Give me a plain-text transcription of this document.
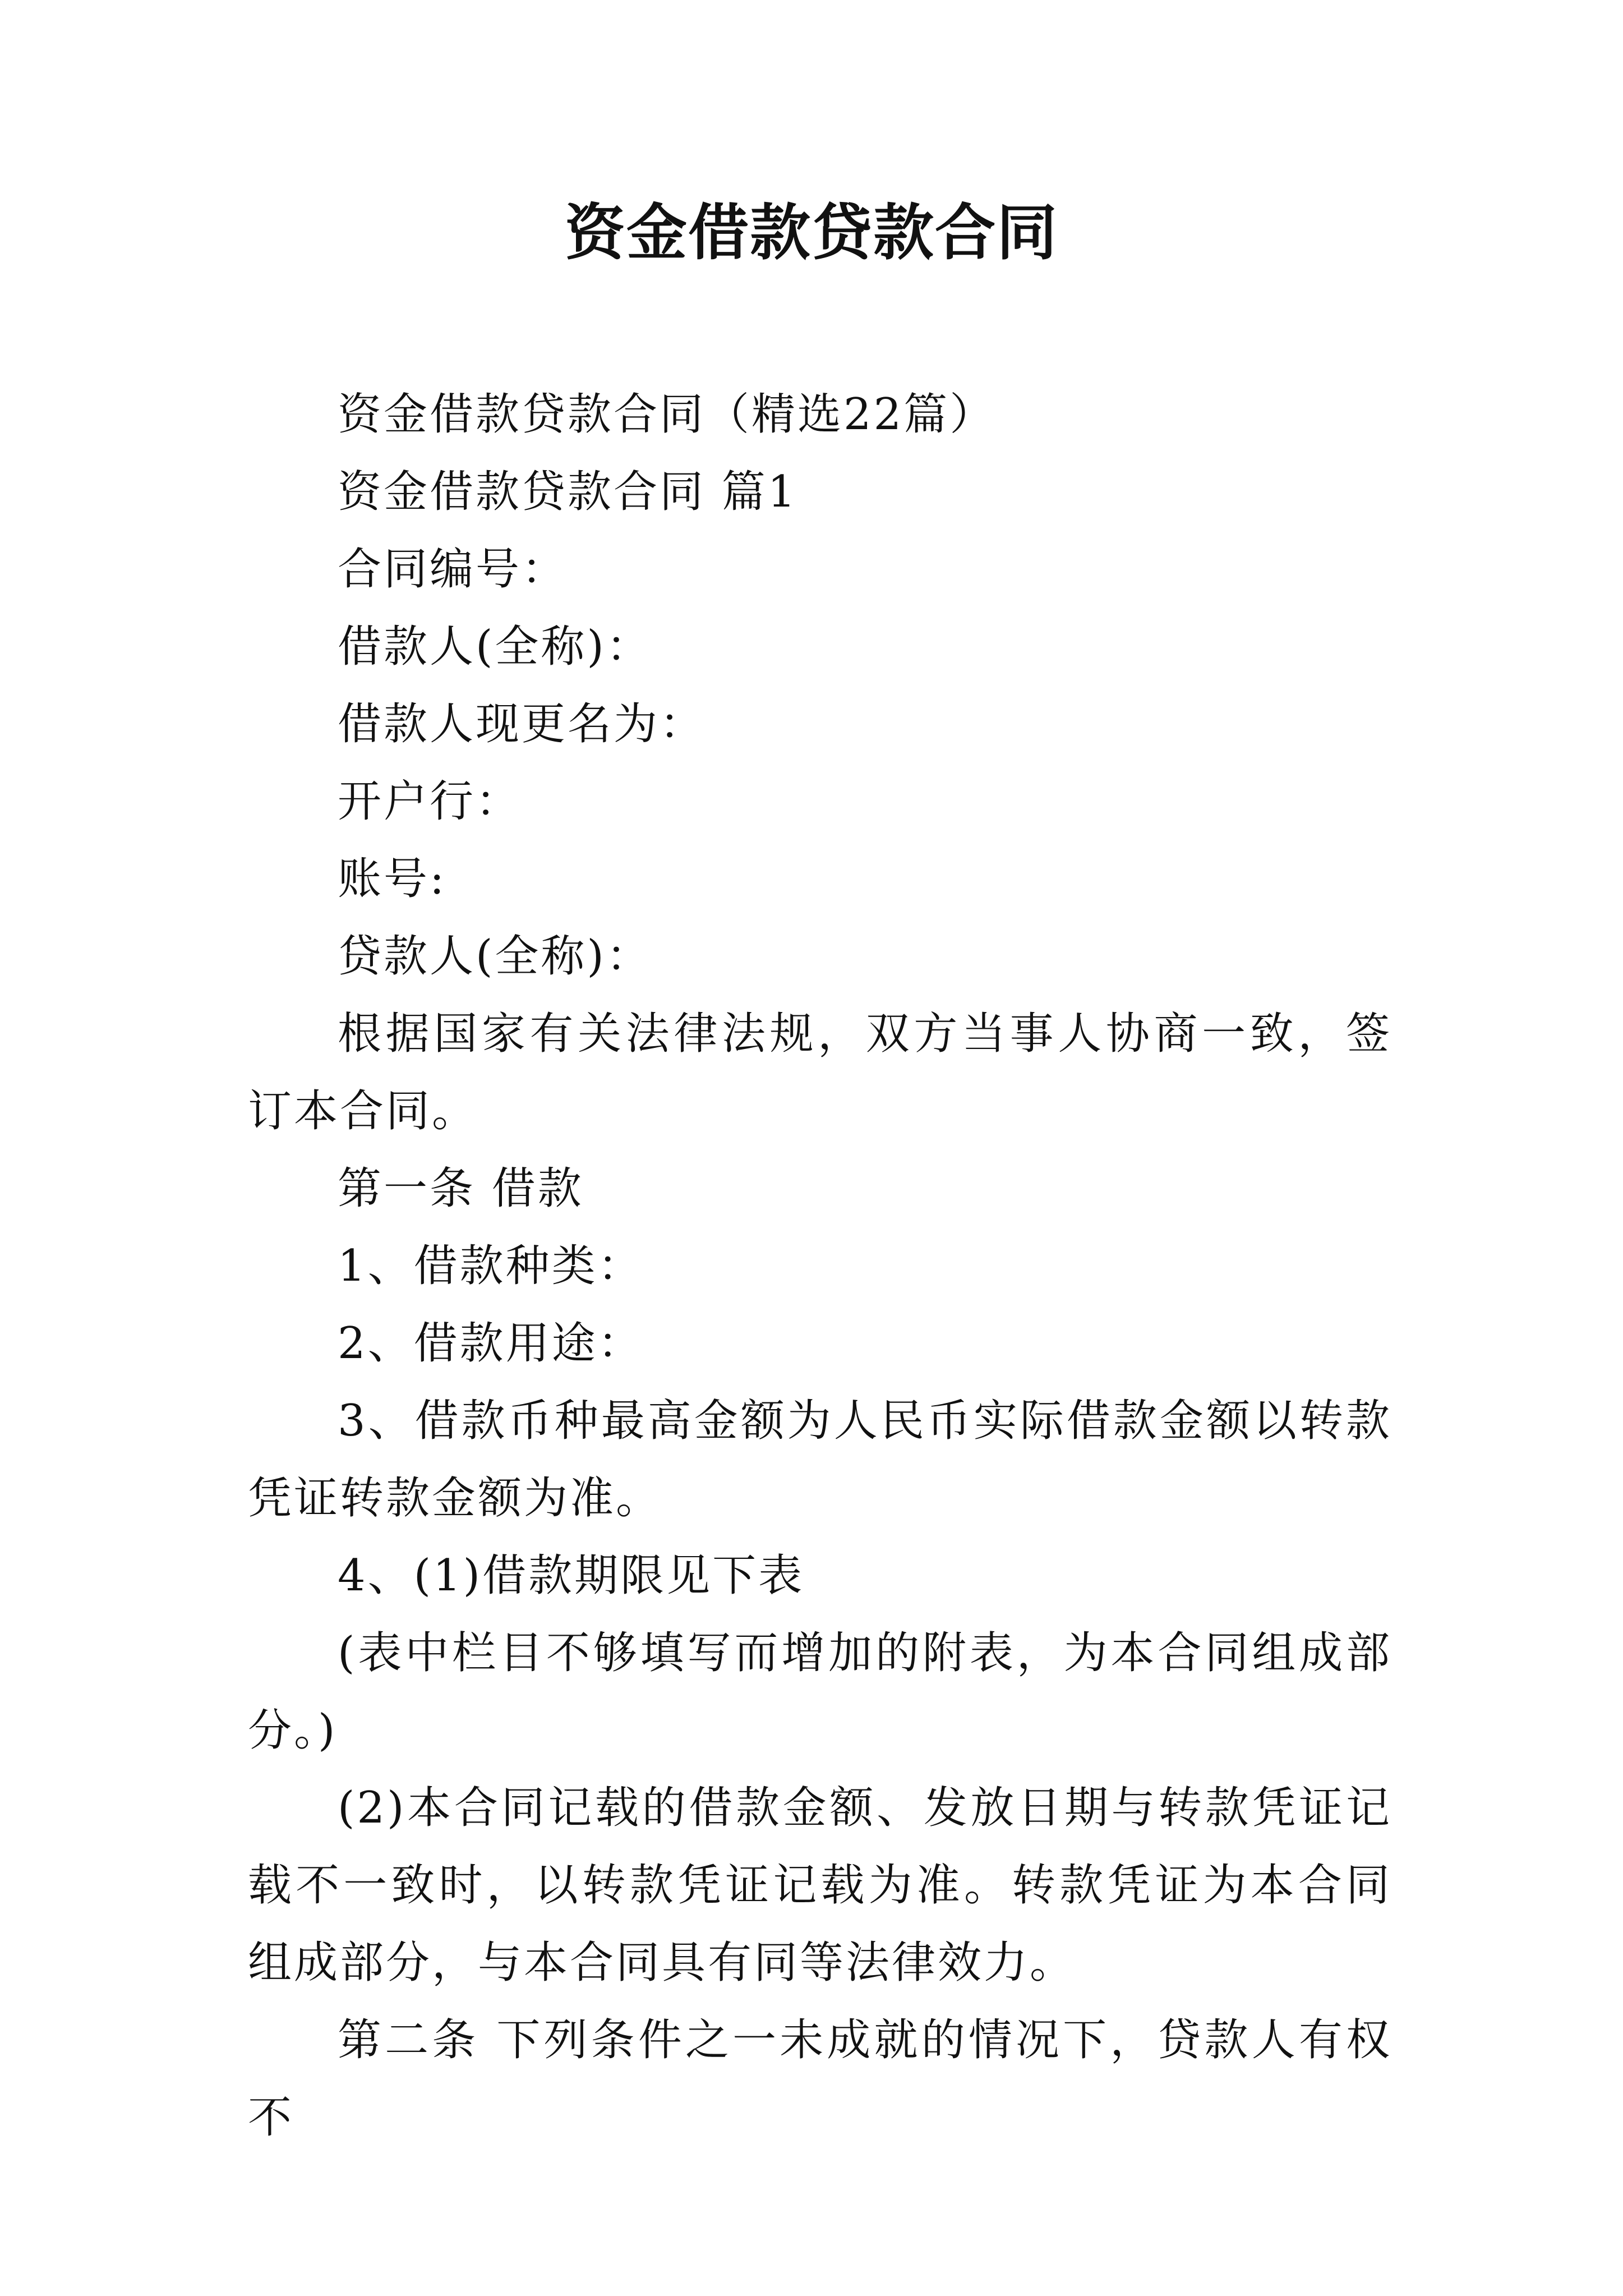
资金借款贷款合同

资金借款贷款合同（精选22篇）

资金借款贷款合同 篇1

合同编号：

借款人(全称)：

借款人现更名为：

开户行：

账号:

贷款人(全称)：

根据国家有关法律法规，双方当事人协商一致，签订本合同。

第一条 借款

1、借款种类：

2、借款用途：

3、借款币种最高金额为人民币实际借款金额以转款凭证转款金额为准。

4、(1)借款期限见下表

(表中栏目不够填写而增加的附表，为本合同组成部分。)

(2)本合同记载的借款金额、发放日期与转款凭证记载不一致时，以转款凭证记载为准。转款凭证为本合同组成部分，与本合同具有同等法律效力。

第二条 下列条件之一未成就的情况下，贷款人有权不
